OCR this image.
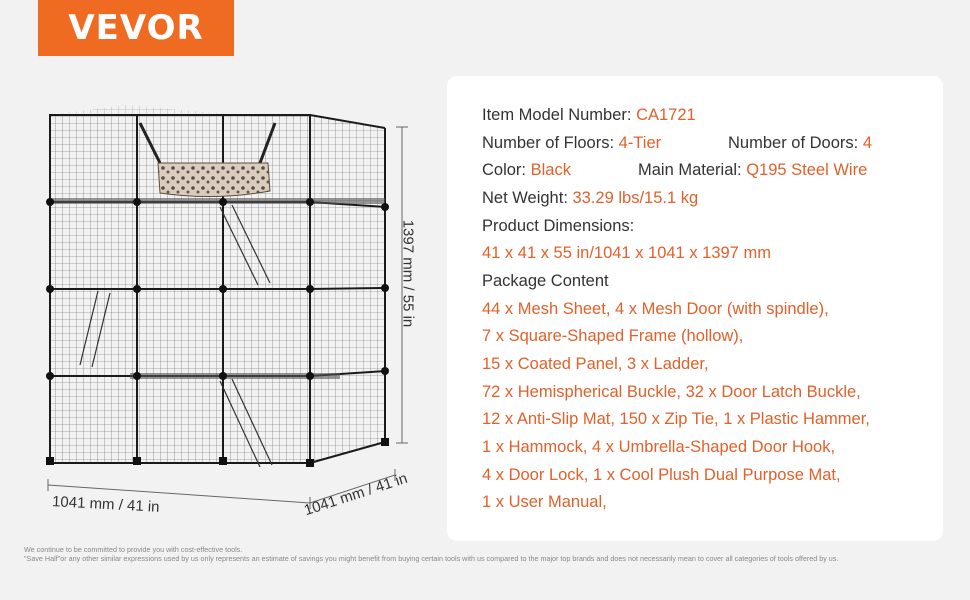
VEVOR
1041 mm / 41 in	1041 mm / 41 in
1397 mm / 55 in
Item Model Number: CA1721
Number of Floors: 4-Tier	Number of Doors: 4
Color: Black	Main Material: Q195 Steel Wire
Net Weight: 33.29 lbs/15.1 kg
Product Dimensions:
41 x 41 x 55 in/1041 x 1041 x 1397 mm
Package Content
44 x Mesh Sheet, 4 x Mesh Door (with spindle),
7 x Square-Shaped Frame (hollow),
15 x Coated Panel, 3 x Ladder,
72 x Hemispherical Buckle, 32 x Door Latch Buckle,
12 x Anti-Slip Mat, 150 x Zip Tie, 1 x Plastic Hammer,
1 x Hammock, 4 x Umbrella-Shaped Door Hook,
4 x Door Lock, 1 x Cool Plush Dual Purpose Mat,
1 x User Manual,
We continue to be committed to provide you with cost-effective tools.
"Save Half"or any other similar expressions used by us only represents an estimate of savings you might benefit from buying certain tools with us compared to the major top brands and does not necessarily mean to cover all categories of tools offered by us.
